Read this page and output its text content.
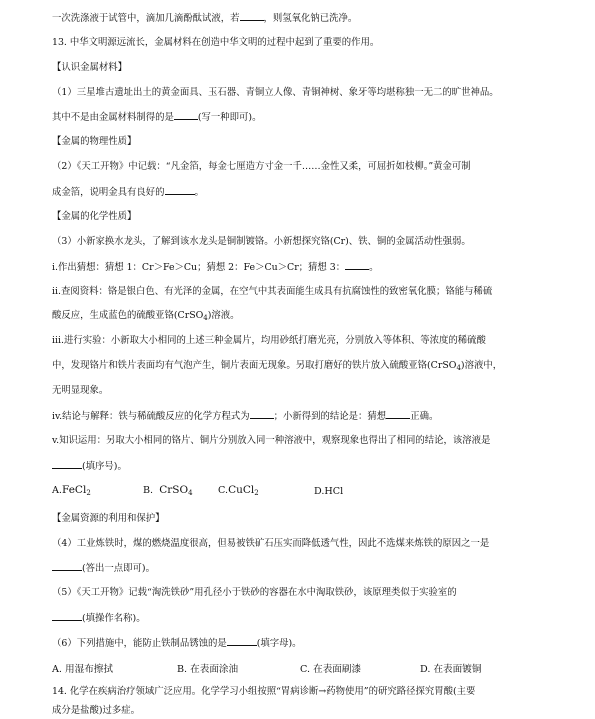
一次洗涤液于试管中，滴加几滴酚酞试液，若	，则氢氧化钠已洗净。
13. 中华文明源远流长，金属材料在创造中华文明的过程中起到了重要的作用。
【认识金属材料】
（1）三星堆古遗址出土的黄金面具、玉石器、青铜立人像、青铜神树、象牙等均堪称独一无二的旷世神品。
其中不是由金属材料制得的是	(写一种即可)。
【金属的物理性质】
（2）《天工开物》中记载：“凡金箔，每金七厘造方寸金一千……金性又柔，可屈折如枝柳。”黄金可制
成金箔，说明金具有良好的	。
【金属的化学性质】
（3）小新家换水龙头，了解到该水龙头是铜制镀铬。小新想探究铬(Cr)、铁、铜的金属活动性强弱。
i.作出猜想：猜想 1：Cr＞Fe＞Cu；猜想 2：Fe＞Cu＞Cr；猜想 3：	。
ii.查阅资料：铬是银白色、有光泽的金属，在空气中其表面能生成具有抗腐蚀性的致密氧化膜；铬能与稀硫
酸反应，生成蓝色的硫酸亚铬(CrSO$_4$)溶液。
iii.进行实验：小新取大小相同的上述三种金属片，均用砂纸打磨光亮，分别放入等体积、等浓度的稀硫酸
中，发现铬片和铁片表面均有气泡产生，铜片表面无现象。另取打磨好的铁片放入硫酸亚铬(CrSO$_4$)溶液中，
无明显现象。
iv.结论与解释：铁与稀硫酸反应的化学方程式为	；小新得到的结论是：猜想	正确。
v.知识运用：另取大小相同的铬片、铜片分别放入同一种溶液中，观察现象也得出了相同的结论，该溶液是
(填序号)。
A.FeCl$_2$	B. CrSO$_4$	C.CuCl$_2$	D.HCl
【金属资源的利用和保护】
（4）工业炼铁时，煤的燃烧温度很高，但易被铁矿石压实而降低透气性，因此不选煤来炼铁的原因之一是
(答出一点即可)。
（5）《天工开物》记载“淘洗铁砂”用孔径小于铁砂的容器在水中淘取铁砂，该原理类似于实验室的
(填操作名称)。
（6）下列措施中，能防止铁制品锈蚀的是	(填字母)。
A. 用湿布擦拭	B. 在表面涂油	C. 在表面刷漆	D. 在表面镀铜
14. 化学在疾病治疗领域广泛应用。化学学习小组按照“胃病诊断→药物使用”的研究路径探究胃酸(主要
成分是盐酸)过多症。
